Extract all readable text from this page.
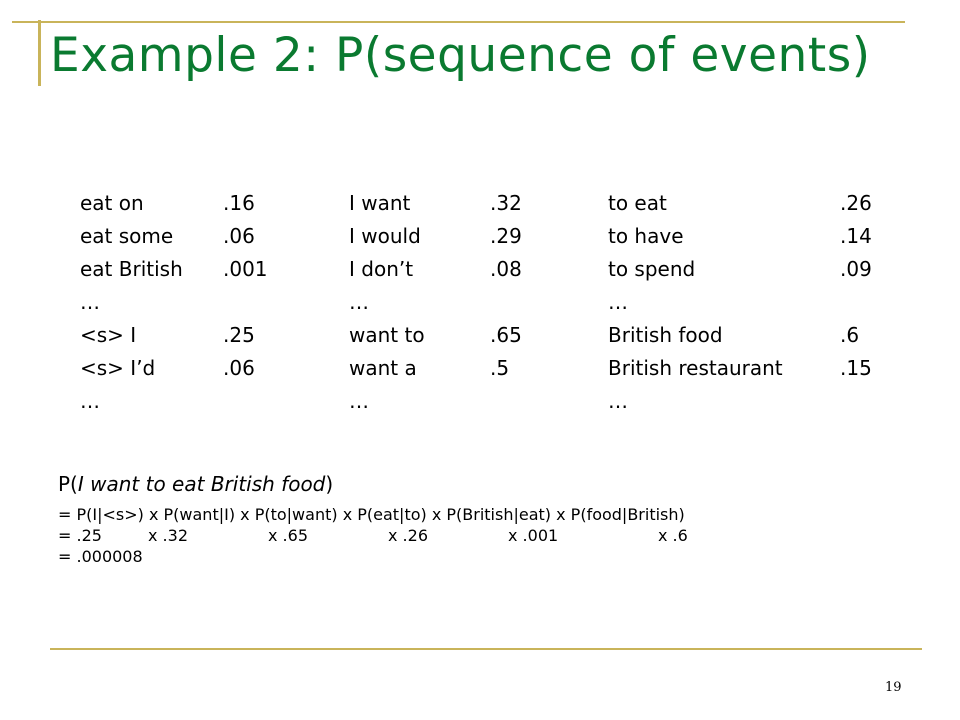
Example 2: P(sequence of events)
eat on	.16	I want	.32	to eat	.26
eat some	.06	I would	.29	to have	.14
eat British	.001	I don’t	.08	to spend	.09
…		…		…	
<s> I	.25	want to	.65	British food	.6
<s> I’d	.06	want a	.5	British restaurant	.15
…		…		…	
P(I want to eat British food)
= P(I|<s>) x P(want|I) x P(to|want) x P(eat|to) x P(British|eat) x P(food|British)
= .25	x .32	x .65	x .26	x .001	x .6
= .000008
19
